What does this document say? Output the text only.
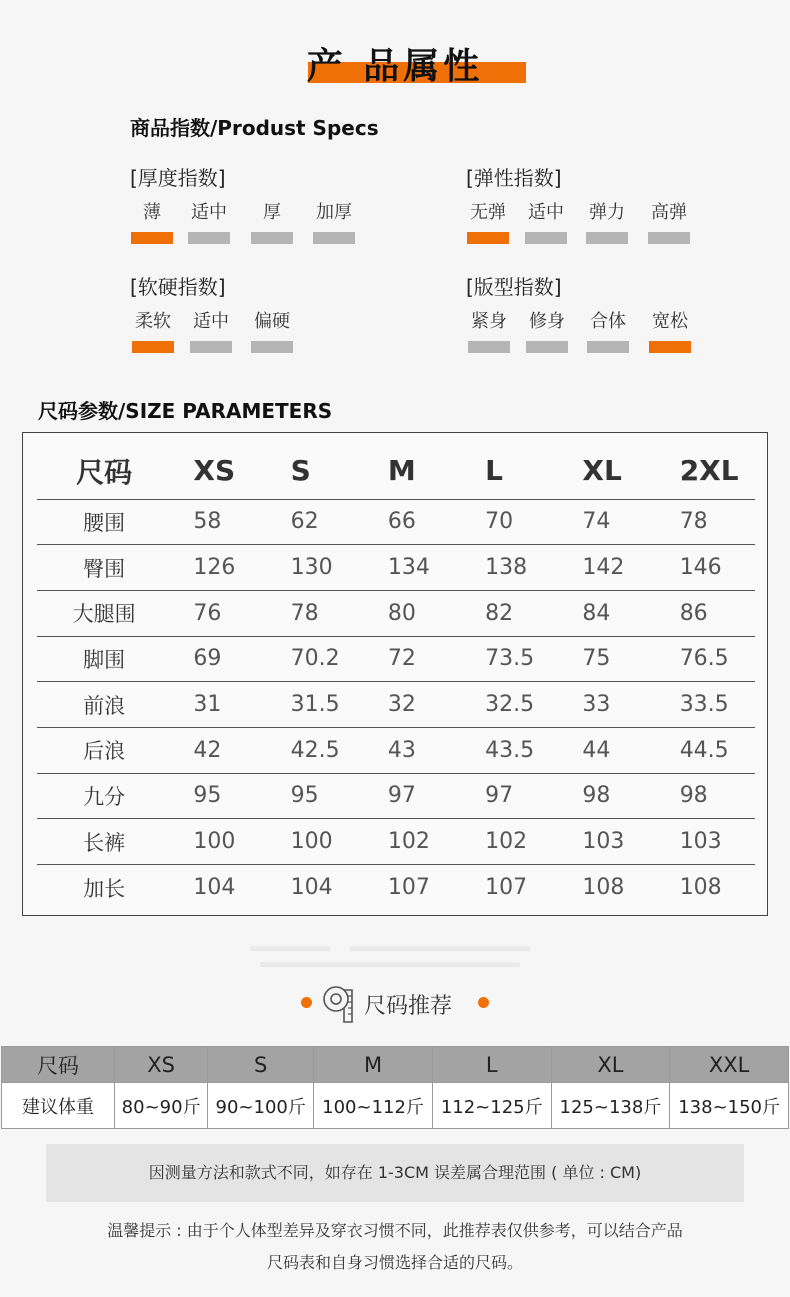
产 品属性
商品指数/Produst Specs
[厚度指数]
薄	适中	厚	加厚
[弹性指数]
无弹 适中 弹力 高弹
[软硬指数]
柔软 适中 偏硬
[版型指数]
紧身 修身 合体 宽松
尺码参数/SIZE PARAMETERS
尺码	XS	S	M	L	XL	2XL
腰围	58	62	66	70	74	78
臀围	126	130	134	138	142	146
大腿围	76	78	80	82	84	86
脚围	69	70.2	72	73.5	75	76.5
前浪	31	31.5	32	32.5	33	33.5
后浪	42	42.5	43	43.5	44	44.5
九分	95	95	97	97	98	98
长裤	100	100	102	102	103	103
加长	104	104	107	107	108	108
尺码推荐
尺码	XS	S	M	L	XL	XXL
建议体重	80~90斤	90~100斤	100~112斤	112~125斤	125~138斤	138~150斤
因测量方法和款式不同，如存在 1-3CM 误差属合理范围 ( 单位 : CM)
温馨提示 : 由于个人体型差异及穿衣习惯不同，此推荐表仅供参考，可以结合产品
尺码表和自身习惯选择合适的尺码。
